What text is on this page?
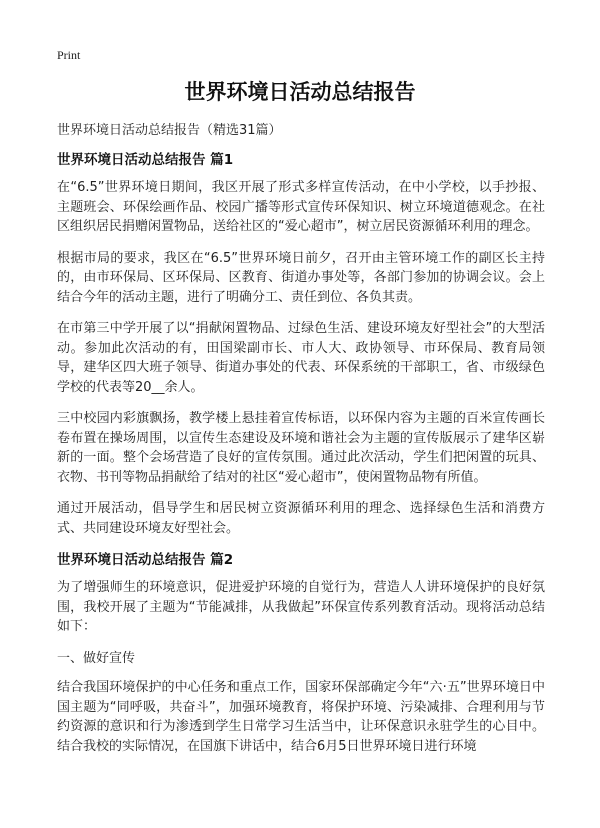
Print
世界环境日活动总结报告
世界环境日活动总结报告（精选31篇）
世界环境日活动总结报告 篇1

在“6.5”世界环境日期间，我区开展了形式多样宣传活动，在中小学校，以手抄报、主题班会、环保绘画作品、校园广播等形式宣传环保知识、树立环境道德观念。在社区组织居民捐赠闲置物品，送给社区的“爱心超市”，树立居民资源循环利用的理念。

根据市局的要求，我区在“6.5”世界环境日前夕，召开由主管环境工作的副区长主持的，由市环保局、区环保局、区教育、街道办事处等，各部门参加的协调会议。会上结合今年的活动主题，进行了明确分工、责任到位、各负其责。

在市第三中学开展了以“捐献闲置物品、过绿色生活、建设环境友好型社会”的大型活动。参加此次活动的有，田国梁副市长、市人大、政协领导、市环保局、教育局领导，建华区四大班子领导、街道办事处的代表、环保系统的干部职工，省、市级绿色学校的代表等20__余人。

三中校园内彩旗飘扬，教学楼上悬挂着宣传标语，以环保内容为主题的百米宣传画长卷布置在操场周围，以宣传生态建设及环境和谐社会为主题的宣传版展示了建华区崭新的一面。整个会场营造了良好的宣传氛围。通过此次活动，学生们把闲置的玩具、衣物、书刊等物品捐献给了结对的社区“爱心超市”，使闲置物品物有所值。

通过开展活动，倡导学生和居民树立资源循环利用的理念、选择绿色生活和消费方式、共同建设环境友好型社会。

世界环境日活动总结报告 篇2

为了增强师生的环境意识，促进爱护环境的自觉行为，营造人人讲环境保护的良好氛围，我校开展了主题为“节能减排，从我做起”环保宣传系列教育活动。现将活动总结如下：

一、做好宣传

结合我国环境保护的中心任务和重点工作，国家环保部确定今年“六·五”世界环境日中国主题为“同呼吸，共奋斗”，加强环境教育，将保护环境、污染减排、合理利用与节约资源的意识和行为渗透到学生日常学习生活当中，让环保意识永驻学生的心目中。结合我校的实际情况，在国旗下讲话中，结合6月5日世界环境日进行环境
